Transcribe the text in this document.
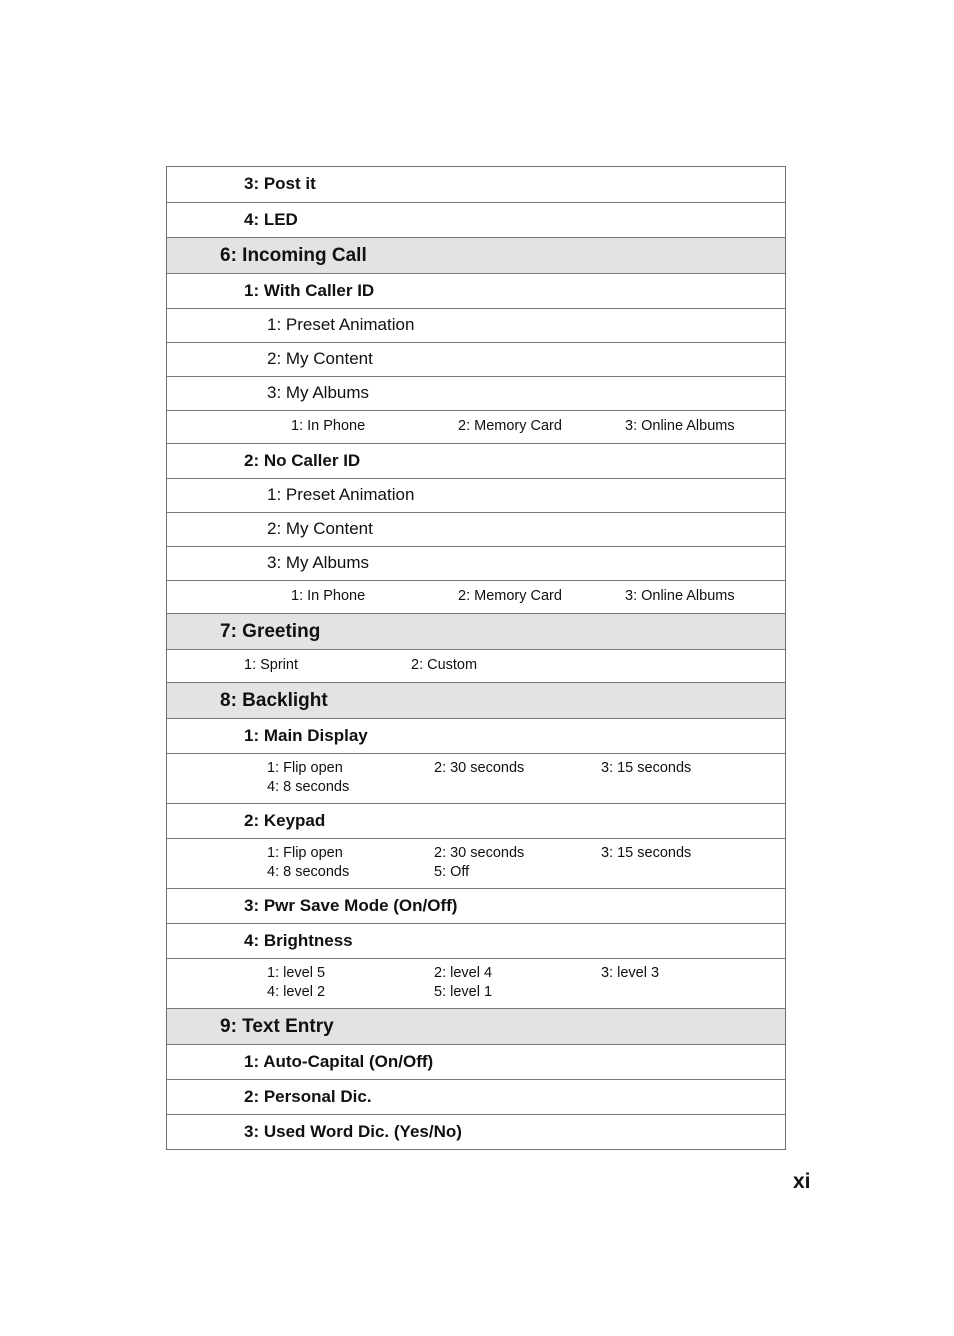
3: Post it
4: LED
6: Incoming Call
1: With Caller ID
1: Preset Animation
2: My Content
3: My Albums
1: In Phone	2: Memory Card	3: Online Albums
2: No Caller ID
1: Preset Animation
2: My Content
3: My Albums
1: In Phone	2: Memory Card	3: Online Albums
7: Greeting
1: Sprint	2: Custom
8: Backlight
1: Main Display
1: Flip open	2: 30 seconds	3: 15 seconds
4: 8 seconds
2: Keypad
1: Flip open	2: 30 seconds	3: 15 seconds
4: 8 seconds	5: Off
3: Pwr Save Mode (On/Off)
4: Brightness
1: level 5	2: level 4	3: level 3
4: level 2	5: level 1
9: Text Entry
1: Auto-Capital (On/Off)
2: Personal Dic.
3: Used Word Dic. (Yes/No)
xi
